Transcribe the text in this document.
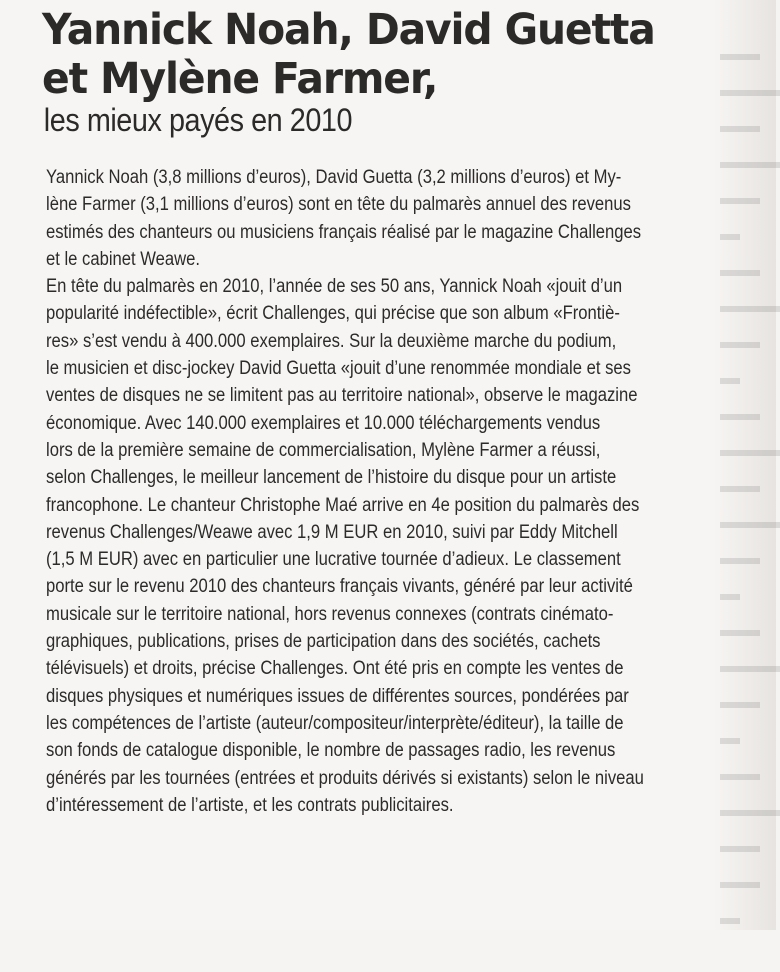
▬▬
▬▬▬
▬▬
▬▬▬
▬▬
▬
▬▬
▬▬▬
▬▬
▬
▬▬
▬▬▬
▬▬
▬▬▬
▬▬
▬
▬▬
▬▬▬
▬▬
▬
▬▬
▬▬▬
▬▬
▬▬
▬

Yannick Noah, David Guetta
et Mylène Farmer,
les mieux payés en 2010
Yannick Noah (3,8 millions d’euros), David Guetta (3,2 millions d’euros) et My-
lène Farmer (3,1 millions d’euros) sont en tête du palmarès annuel des revenus
estimés des chanteurs ou musiciens français réalisé par le magazine Challenges
et le cabinet Weawe.
En tête du palmarès en 2010, l’année de ses 50 ans, Yannick Noah «jouit d’un
popularité indéfectible», écrit Challenges, qui précise que son album «Frontiè-
res» s’est vendu à 400.000 exemplaires. Sur la deuxième marche du podium,
le musicien et disc-jockey David Guetta «jouit d’une renommée mondiale et ses
ventes de disques ne se limitent pas au territoire national», observe le magazine
économique. Avec 140.000 exemplaires et 10.000 téléchargements vendus
lors de la première semaine de commercialisation, Mylène Farmer a réussi,
selon Challenges, le meilleur lancement de l’histoire du disque pour un artiste
francophone. Le chanteur Christophe Maé arrive en 4e position du palmarès des
revenus Challenges/Weawe avec 1,9 M EUR en 2010, suivi par Eddy Mitchell
(1,5 M EUR) avec en particulier une lucrative tournée d’adieux. Le classement
porte sur le revenu 2010 des chanteurs français vivants, généré par leur activité
musicale sur le territoire national, hors revenus connexes (contrats cinémato-
graphiques, publications, prises de participation dans des sociétés, cachets
télévisuels) et droits, précise Challenges. Ont été pris en compte les ventes de
disques physiques et numériques issues de différentes sources, pondérées par
les compétences de l’artiste (auteur/compositeur/interprète/éditeur), la taille de
son fonds de catalogue disponible, le nombre de passages radio, les revenus
générés par les tournées (entrées et produits dérivés si existants) selon le niveau
d’intéressement de l’artiste, et les contrats publicitaires.
